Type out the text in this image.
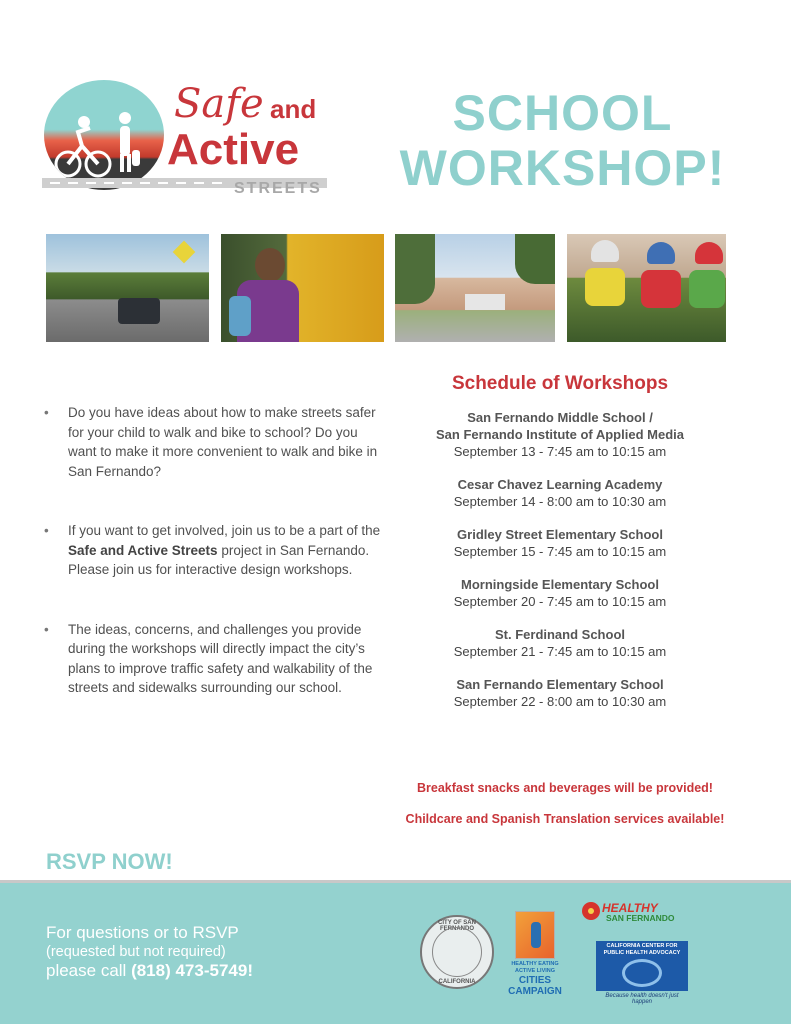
Safe and
Active
STREETS
SCHOOL
WORKSHOP!
• Do you have ideas about how to make streets safer for your child to walk and bike to school? Do you want to make it more convenient to walk and bike in San Fernando?
• If you want to get involved, join us to be a part of the Safe and Active Streets project in San Fernando. Please join us for interactive design workshops.
• The ideas, concerns, and challenges you provide during the workshops will directly impact the city’s plans to improve traffic safety and walkability of the streets and sidewalks surrounding our school.
Schedule of Workshops
San Fernando Middle School /
San Fernando Institute of Applied Media
September 13 - 7:45 am to 10:15 am
Cesar Chavez Learning Academy
September 14 - 8:00 am to 10:30 am
Gridley Street Elementary School
September 15 - 7:45 am to 10:15 am
Morningside Elementary School
September 20 - 7:45 am to 10:15 am
St. Ferdinand School
September 21 - 7:45 am to 10:15 am
San Fernando Elementary School
September 22 - 8:00 am to 10:30 am

Breakfast snacks and beverages will be provided!

Childcare and Spanish Translation services available!

RSVP NOW!
For questions or to RSVP
(requested but not required)
please call (818) 473-5749!
CITY OF SAN FERNANDO
CALIFORNIA
HEALTHY EATING ACTIVE LIVING
CITIES
CAMPAIGN
HEALTHY
SAN FERNANDO
CALIFORNIA CENTER FOR PUBLIC HEALTH ADVOCACY
Because health doesn't just happen
